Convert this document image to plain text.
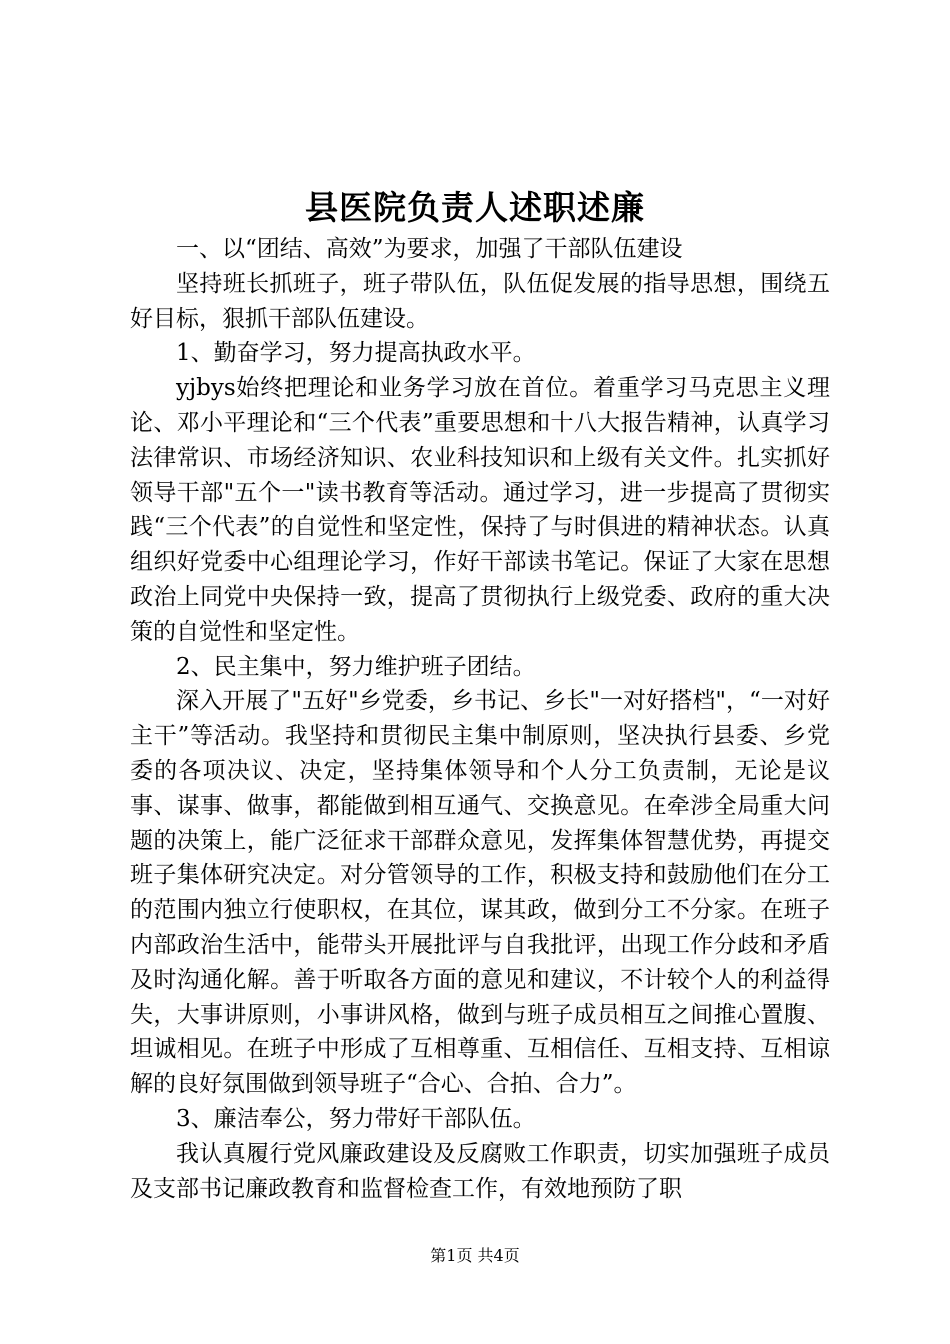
县医院负责人述职述廉

一、以“团结、高效”为要求，加强了干部队伍建设

坚持班长抓班子，班子带队伍，队伍促发展的指导思想，围绕五好目标，狠抓干部队伍建设。

1、勤奋学习，努力提高执政水平。

yjbys始终把理论和业务学习放在首位。着重学习马克思主义理论、邓小平理论和“三个代表”重要思想和十八大报告精神，认真学习法律常识、市场经济知识、农业科技知识和上级有关文件。扎实抓好领导干部"五个一"读书教育等活动。通过学习，进一步提高了贯彻实践“三个代表”的自觉性和坚定性，保持了与时俱进的精神状态。认真组织好党委中心组理论学习，作好干部读书笔记。保证了大家在思想政治上同党中央保持一致，提高了贯彻执行上级党委、政府的重大决策的自觉性和坚定性。

2、民主集中，努力维护班子团结。

深入开展了"五好"乡党委，乡书记、乡长"一对好搭档"，“一对好主干”等活动。我坚持和贯彻民主集中制原则，坚决执行县委、乡党委的各项决议、决定，坚持集体领导和个人分工负责制，无论是议事、谋事、做事，都能做到相互通气、交换意见。在牵涉全局重大问题的决策上，能广泛征求干部群众意见，发挥集体智慧优势，再提交班子集体研究决定。对分管领导的工作，积极支持和鼓励他们在分工的范围内独立行使职权，在其位，谋其政，做到分工不分家。在班子内部政治生活中，能带头开展批评与自我批评，出现工作分歧和矛盾及时沟通化解。善于听取各方面的意见和建议，不计较个人的利益得失，大事讲原则，小事讲风格，做到与班子成员相互之间推心置腹、坦诚相见。在班子中形成了互相尊重、互相信任、互相支持、互相谅解的良好氛围做到领导班子“合心、合拍、合力”。

3、廉洁奉公，努力带好干部队伍。

我认真履行党风廉政建设及反腐败工作职责，切实加强班子成员及支部书记廉政教育和监督检查工作，有效地预防了职

第1页 共4页
